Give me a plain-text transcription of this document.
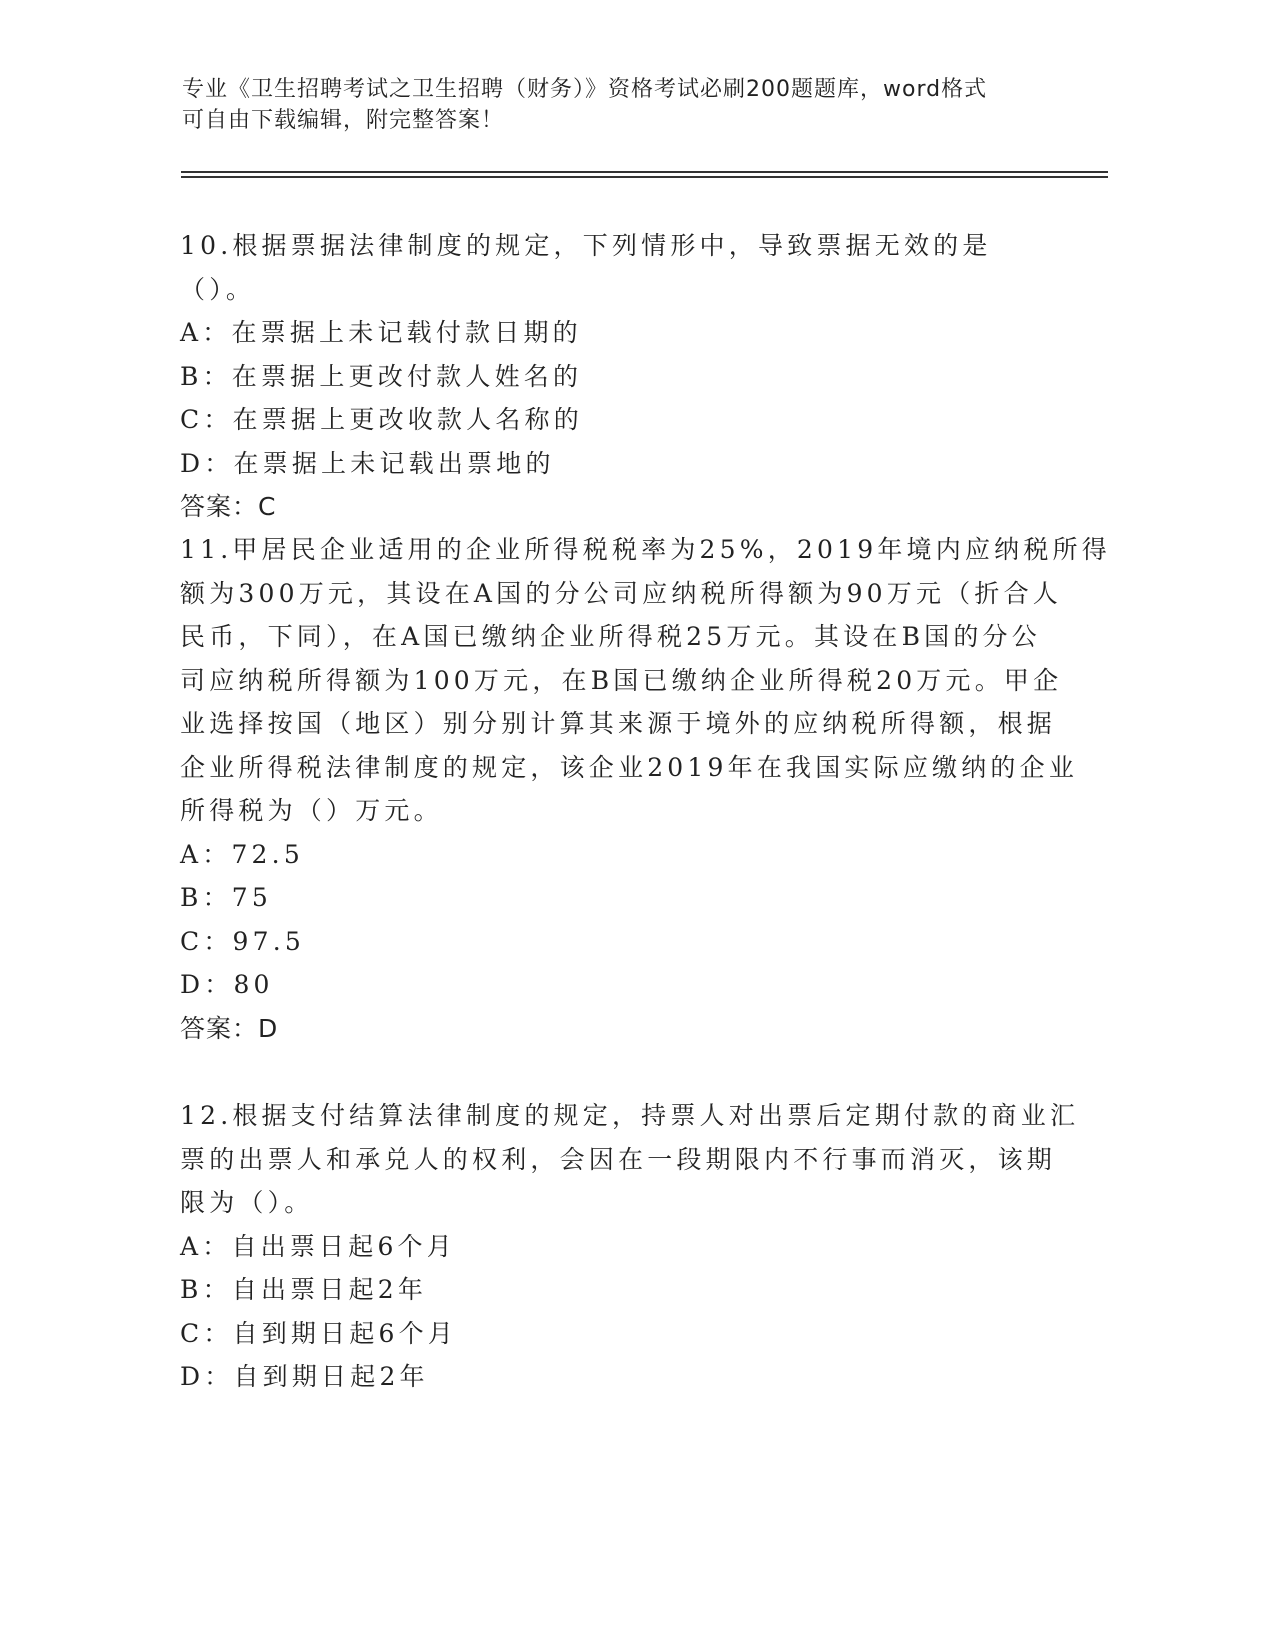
专业《卫生招聘考试之卫生招聘（财务）》资格考试必刷200题题库，word格式
可自由下载编辑，附完整答案！

10.根据票据法律制度的规定，下列情形中，导致票据无效的是（）。

A：在票据上未记载付款日期的

B：在票据上更改付款人姓名的

C：在票据上更改收款人名称的

D：在票据上未记载出票地的

答案：C

11.甲居民企业适用的企业所得税税率为25%，2019年境内应纳税所得
额为300万元，其设在A国的分公司应纳税所得额为90万元（折合人
民币，下同），在A国已缴纳企业所得税25万元。其设在B国的分公
司应纳税所得额为100万元，在B国已缴纳企业所得税20万元。甲企
业选择按国（地区）别分别计算其来源于境外的应纳税所得额，根据
企业所得税法律制度的规定，该企业2019年在我国实际应缴纳的企业
所得税为（）万元。

A：72.5

B：75

C：97.5

D：80

答案：D

12.根据支付结算法律制度的规定，持票人对出票后定期付款的商业汇
票的出票人和承兑人的权利，会因在一段期限内不行事而消灭，该期
限为（）。

A：自出票日起6个月

B：自出票日起2年

C：自到期日起6个月

D：自到期日起2年
